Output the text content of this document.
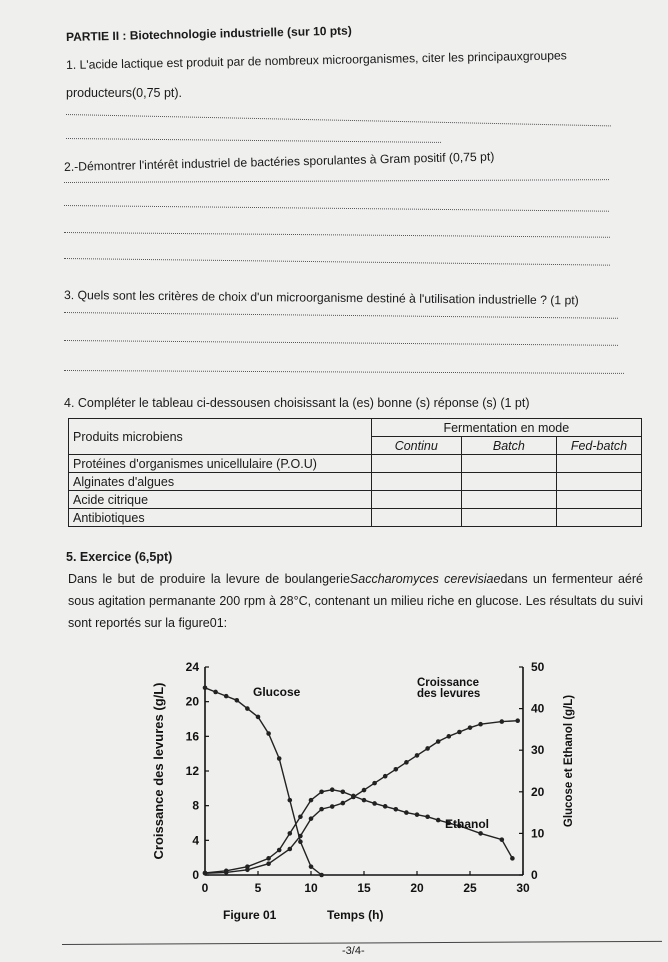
PARTIE II : Biotechnologie industrielle (sur 10 pts)
1. L'acide lactique est produit par de nombreux microorganismes, citer les principauxgroupes
producteurs(0,75 pt).
2.-Démontrer l'intérêt industriel de bactéries sporulantes à Gram positif (0,75 pt)
3. Quels sont les critères de choix d'un microorganisme destiné à l'utilisation industrielle ? (1 pt)
4. Compléter le tableau ci-dessousen choisissant la (es) bonne (s) réponse (s) (1 pt)
Produits microbiens	Fermentation en mode		
	Continu	Batch	Fed-batch
Protéines d'organismes unicellulaire (P.O.U)			
Alginates d'algues			
Acide citrique			
Antibiotiques			
5. Exercice (6,5pt)
Dans le but de produire la levure de boulangerieSaccharomyces cerevisiaedans un fermenteur aéré sous agitation permanante 200 rpm à 28°C, contenant un milieu riche en glucose. Les résultats du suivi sont reportés sur la figure01:
0	5	10	15	20	25	30
0
4
8
12
16
20
24
0
10
20
30
40
50
Glucose
Croissance
des levures
Ethanol
Temps (h)
Figure 01
Croissance des levures (g/L)	Glucose et Ethanol (g/L)
-3/4-
